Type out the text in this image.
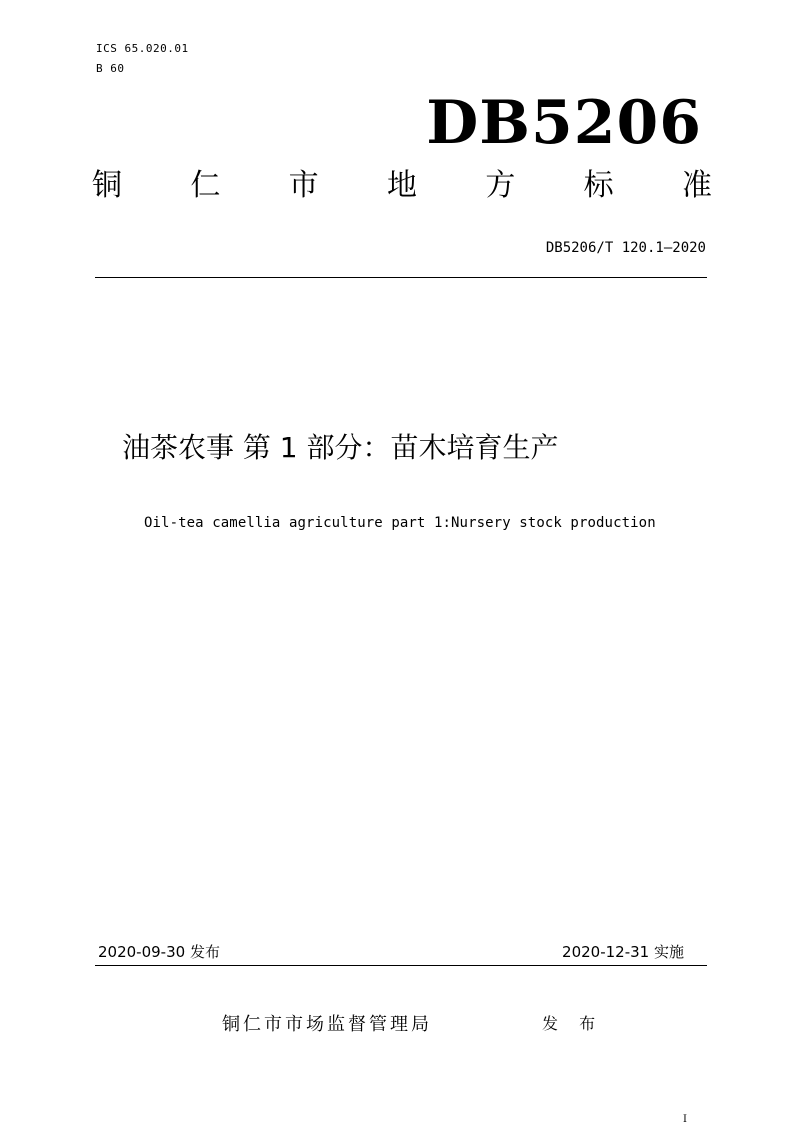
ICS 65.020.01
B 60
DB5206
铜 仁 市 地 方 标 准
DB5206/T 120.1—2020
油茶农事 第 1 部分：苗木培育生产
Oil-tea camellia agriculture part 1:Nursery stock production
2020-09-30 发布	2020-12-31 实施
铜仁市市场监督管理局	发 布
I
